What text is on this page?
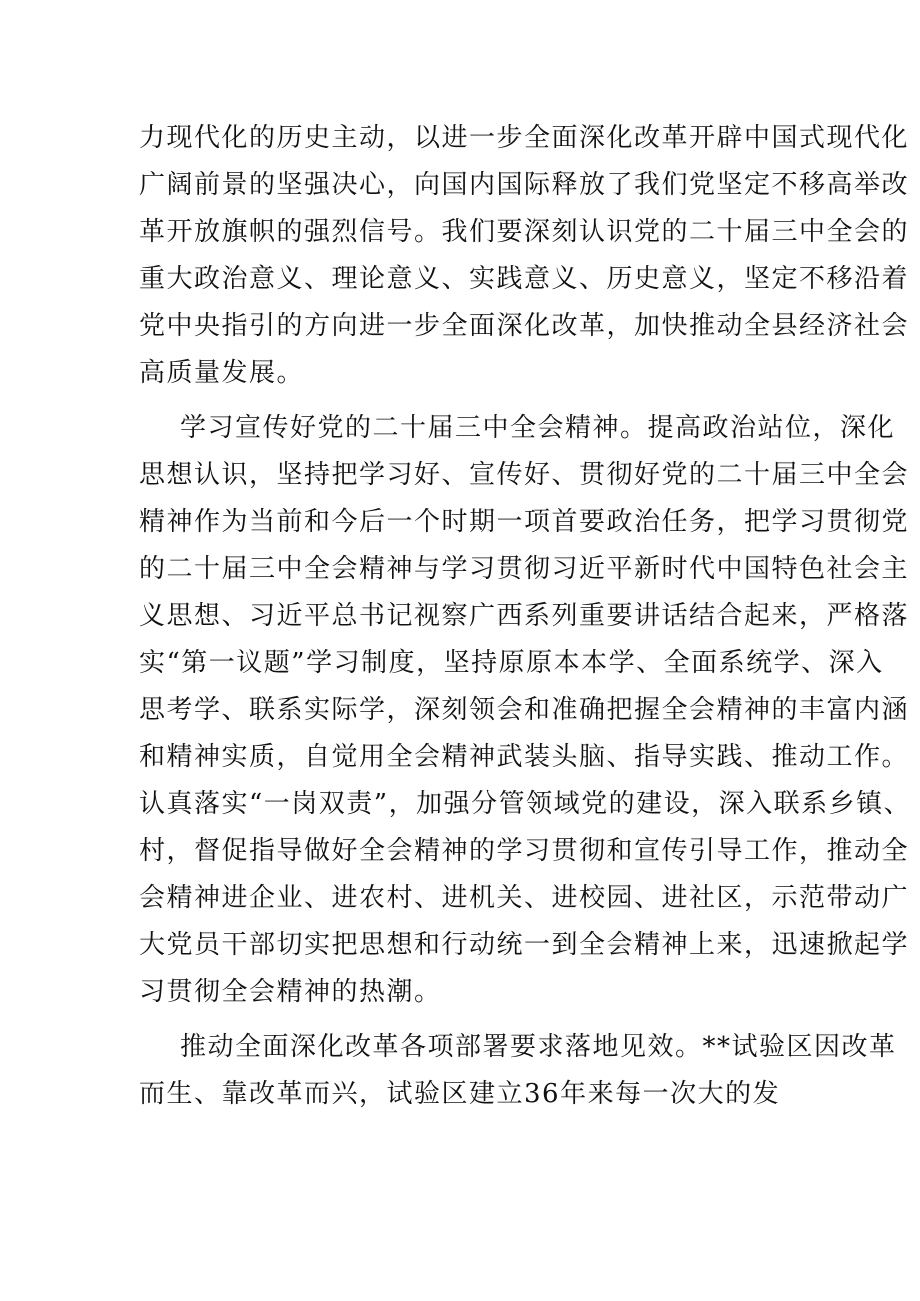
力现代化的历史主动，以进一步全面深化改革开辟中国式现代化
广阔前景的坚强决心，向国内国际释放了我们党坚定不移高举改
革开放旗帜的强烈信号。我们要深刻认识党的二十届三中全会的
重大政治意义、理论意义、实践意义、历史意义，坚定不移沿着
党中央指引的方向进一步全面深化改革，加快推动全县经济社会
高质量发展。
学习宣传好党的二十届三中全会精神。提高政治站位，深化
思想认识，坚持把学习好、宣传好、贯彻好党的二十届三中全会
精神作为当前和今后一个时期一项首要政治任务，把学习贯彻党
的二十届三中全会精神与学习贯彻习近平新时代中国特色社会主
义思想、习近平总书记视察广西系列重要讲话结合起来，严格落
实“第一议题”学习制度，坚持原原本本学、全面系统学、深入
思考学、联系实际学，深刻领会和准确把握全会精神的丰富内涵
和精神实质，自觉用全会精神武装头脑、指导实践、推动工作。
认真落实“一岗双责”，加强分管领域党的建设，深入联系乡镇、
村，督促指导做好全会精神的学习贯彻和宣传引导工作，推动全
会精神进企业、进农村、进机关、进校园、进社区，示范带动广
大党员干部切实把思想和行动统一到全会精神上来，迅速掀起学
习贯彻全会精神的热潮。
推动全面深化改革各项部署要求落地见效。**试验区因改革
而生、靠改革而兴，试验区建立36年来每一次大的发
